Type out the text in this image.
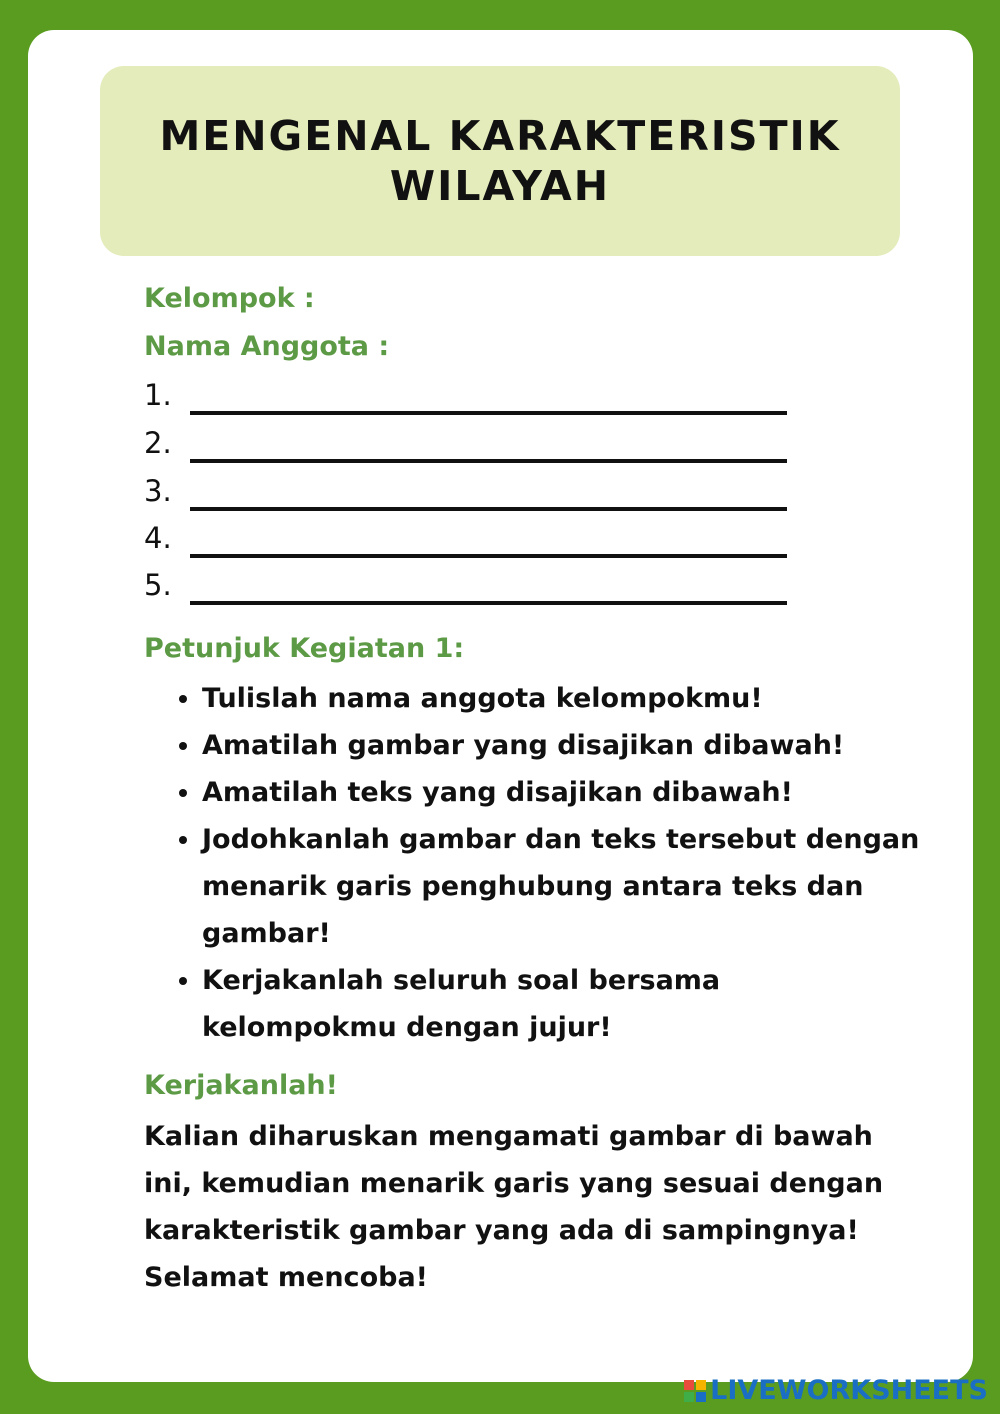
MENGENAL KARAKTERISTIK
WILAYAH
Kelompok :
Nama Anggota :
1.
2.
3.
4.
5.
Petunjuk Kegiatan 1:
• Tulislah nama anggota kelompokmu!
• Amatilah gambar yang disajikan dibawah!
• Amatilah teks yang disajikan dibawah!
• Jodohkanlah gambar dan teks tersebut dengan menarik garis penghubung antara teks dan gambar!
• Kerjakanlah seluruh soal bersama kelompokmu dengan jujur!
Kerjakanlah!
Kalian diharuskan mengamati gambar di bawah ini, kemudian menarik garis yang sesuai dengan karakteristik gambar yang ada di sampingnya! Selamat mencoba!
LIVEWORKSHEETS
